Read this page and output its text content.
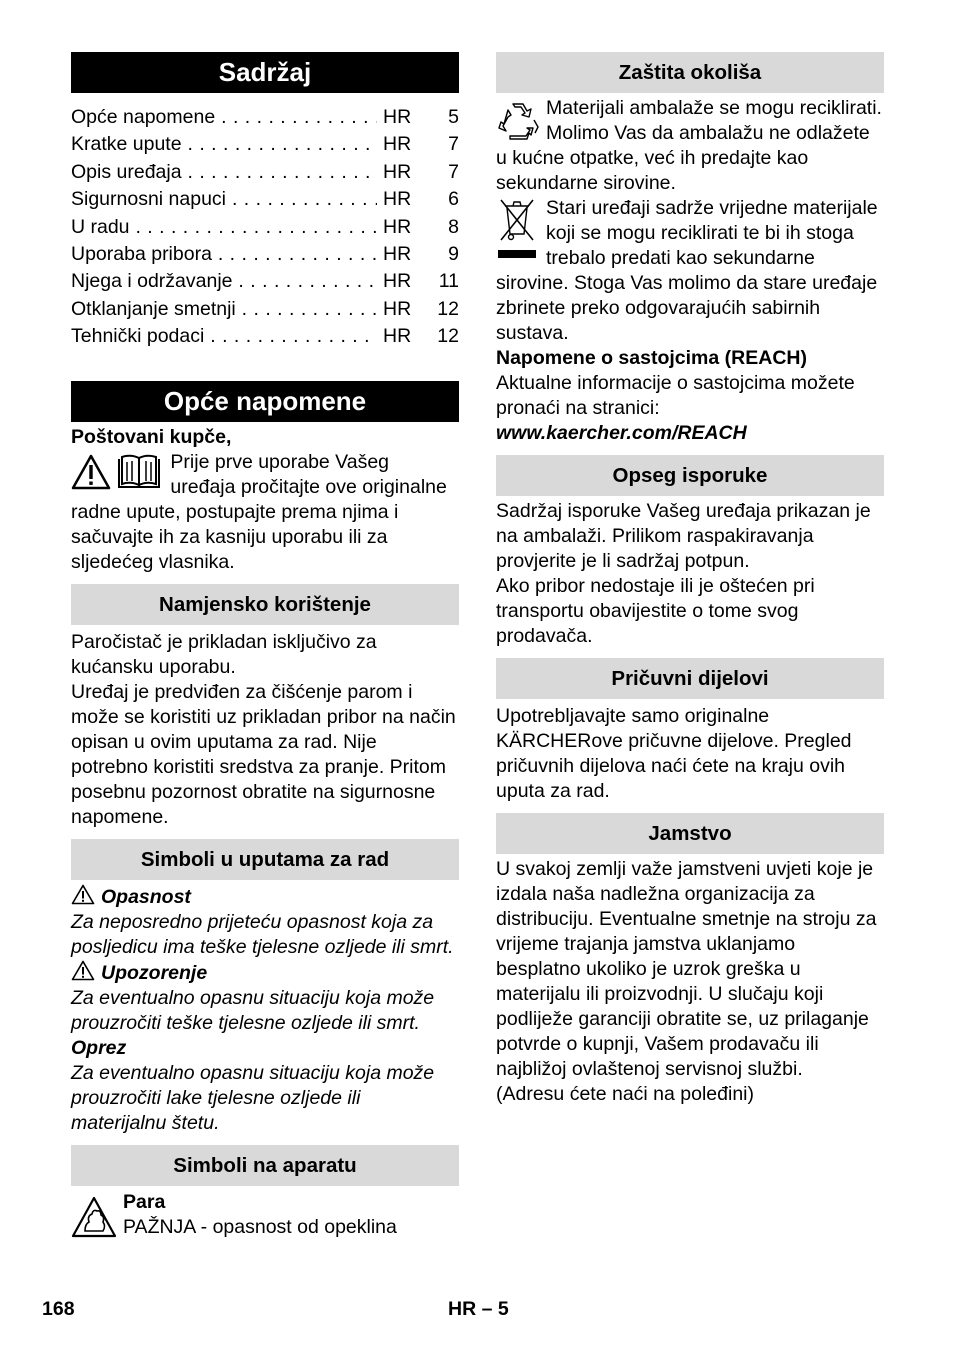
Sadržaj
Opće napomene . . .	HR	5
Kratke upute . . .	HR	7
Opis uređaja . . .	HR	7
Sigurnosni napuci . . .	HR	6
U radu . . .	HR	8
Uporaba pribora . . .	HR	9
Njega i održavanje . . .	HR	11
Otklanjanje smetnji . . .	HR	12
Tehnički podaci . . .	HR	12
Opće napomene

Poštovani kupče,

Prije prve uporabe Vašeg uređaja pročitajte ove originalne radne upute, postupajte prema njima i sačuvajte ih za kasniju uporabu ili za sljedećeg vlasnika.

Namjensko korištenje

Paročistač je prikladan isključivo za kućansku uporabu.

Uređaj je predviđen za čišćenje parom i može se koristiti uz prikladan pribor na način opisan u ovim uputama za rad. Nije potrebno koristiti sredstva za pranje. Pritom posebnu pozornost obratite na sigurnosne napomene.

Simboli u uputama za rad

Opasnost

Za neposredno prijeteću opasnost koja za posljedicu ima teške tjelesne ozljede ili smrt.

Upozorenje

Za eventualno opasnu situaciju koja može prouzročiti teške tjelesne ozljede ili smrt.

Oprez

Za eventualno opasnu situaciju koja može prouzročiti lake tjelesne ozljede ili materijalnu štetu.

Simboli na aparatu

Para

PAŽNJA - opasnost od opeklina

Zaštita okoliša

Materijali ambalaže se mogu reciklirati. Molimo Vas da ambalažu ne odlažete u kućne otpatke, već ih predajte kao sekundarne sirovine.

Stari uređaji sadrže vrijedne materijale koji se mogu reciklirati te bi ih stoga trebalo predati kao sekundarne sirovine. Stoga Vas molimo da stare uređaje zbrinete preko odgovarajućih sabirnih sustava.

Napomene o sastojcima (REACH)

Aktualne informacije o sastojcima možete pronaći na stranici:

www.kaercher.com/REACH

Opseg isporuke

Sadržaj isporuke Vašeg uređaja prikazan je na ambalaži. Prilikom raspakiravanja provjerite je li sadržaj potpun.

Ako pribor nedostaje ili je oštećen pri transportu obavijestite o tome svog prodavača.

Pričuvni dijelovi

Upotrebljavajte samo originalne KÄRCHERove pričuvne dijelove. Pregled pričuvnih dijelova naći ćete na kraju ovih uputa za rad.

Jamstvo

U svakoj zemlji važe jamstveni uvjeti koje je izdala naša nadležna organizacija za distribuciju. Eventualne smetnje na stroju za vrijeme trajanja jamstva uklanjamo besplatno ukoliko je uzrok greška u materijalu ili proizvodnji. U slučaju koji podliježe garanciji obratite se, uz prilaganje potvrde o kupnji, Vašem prodavaču ili najbližoj ovlaštenoj servisnoj službi.

(Adresu ćete naći na poleđini)

168	HR – 5
